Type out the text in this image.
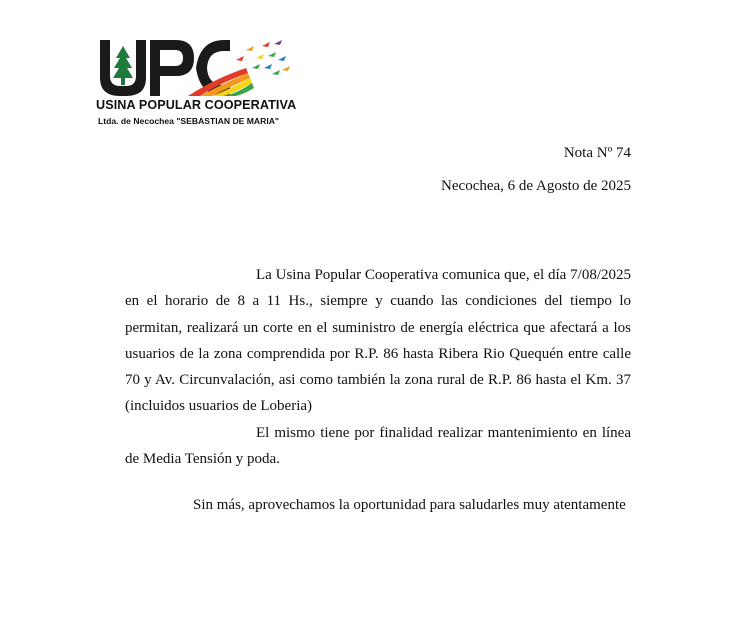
USINA POPULAR COOPERATIVA
Ltda. de Necochea "SEBASTIAN DE MARIA"
Nota Nº 74
Necochea, 6 de Agosto de 2025
La Usina Popular Cooperativa comunica que, el día 7/08/2025 en el horario de 8 a 11 Hs., siempre y cuando las condiciones del tiempo lo permitan, realizará un corte en el suministro de energía eléctrica que afectará a los usuarios de la zona comprendida por R.P. 86 hasta Ribera Rio Quequén entre calle 70 y Av. Circunvalación, asi como también la zona rural de R.P. 86 hasta el Km. 37 (incluidos usuarios de Loberia)
El mismo tiene por finalidad realizar mantenimiento en línea de Media Tensión y poda.
Sin más, aprovechamos la oportunidad para saludarles muy atentamente
